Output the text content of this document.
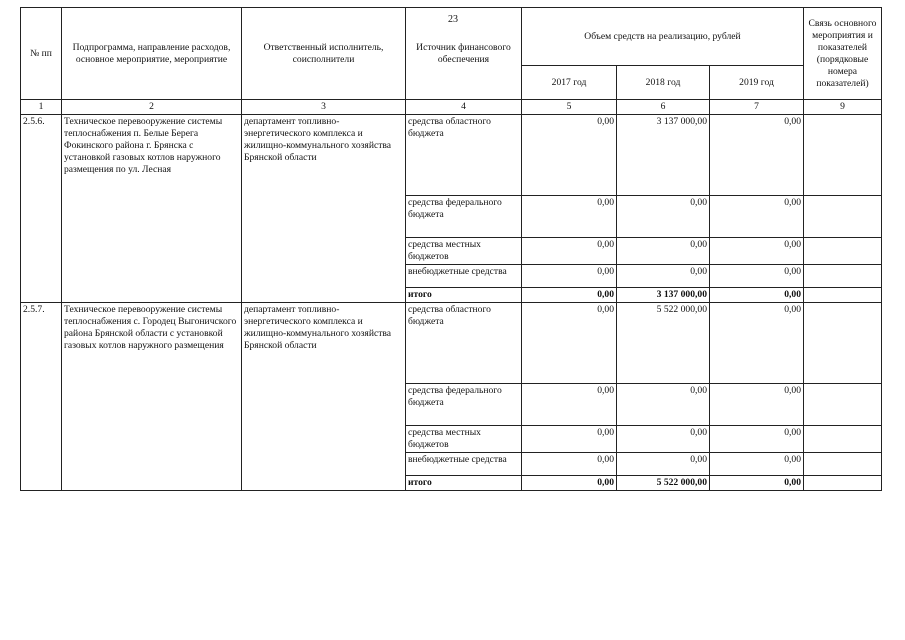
23
№ пп	Подпрограмма, направление расходов, основное мероприятие, мероприятие	Ответственный исполнитель, соисполнители	Источник финансового обеспечения	Объем средств на реализацию, рублей			Связь основного мероприятия и показателей (порядковые номера показателей)
				2017 год	2018 год	2019 год	
1	2	3	4	5	6	7	9
2.5.6.	Техническое перевооружение системы теплоснабжения п. Белые Берега Фокинского района г. Брянска с установкой газовых котлов наружного размещения по ул. Лесная	департамент топливно-энергетического комплекса и жилищно-коммунального хозяйства Брянской области	средства областного бюджета	0,00	3 137 000,00	0,00	
			средства федерального бюджета	0,00	0,00	0,00	
			средства местных бюджетов	0,00	0,00	0,00	
			внебюджетные средства	0,00	0,00	0,00	
			итого	0,00	3 137 000,00	0,00	
2.5.7.	Техническое перевооружение системы теплоснабжения с. Городец Выгоничского района Брянской области с установкой газовых котлов наружного размещения	департамент топливно-энергетического комплекса и жилищно-коммунального хозяйства Брянской области	средства областного бюджета	0,00	5 522 000,00	0,00	
			средства федерального бюджета	0,00	0,00	0,00	
			средства местных бюджетов	0,00	0,00	0,00	
			внебюджетные средства	0,00	0,00	0,00	
			итого	0,00	5 522 000,00	0,00	
